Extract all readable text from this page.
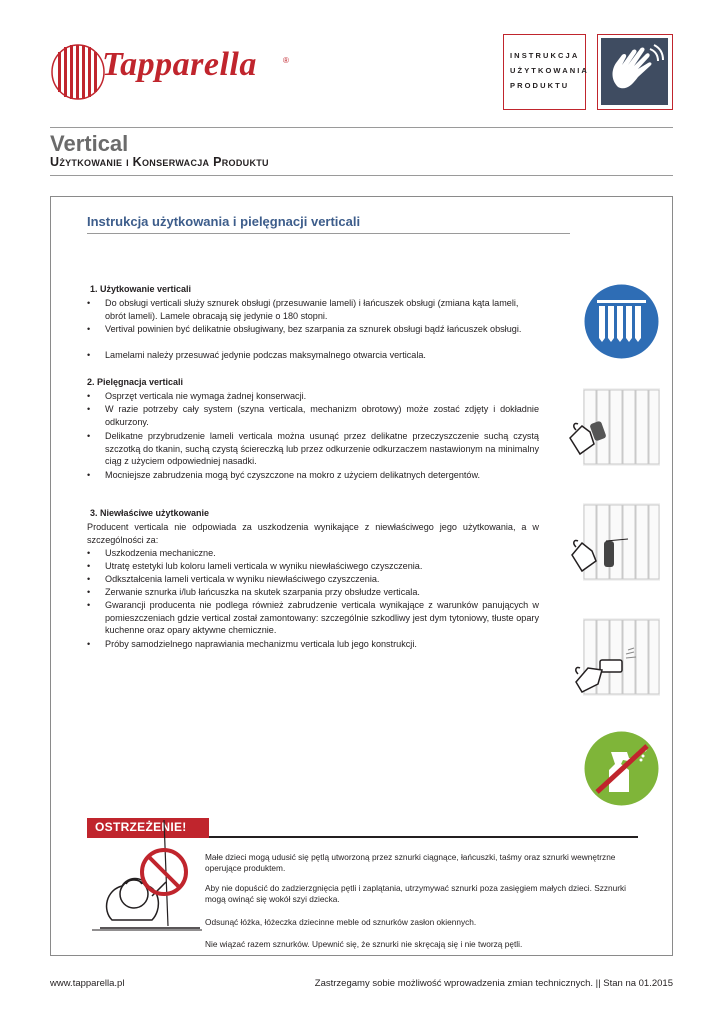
Tapparella	®
INSTRUKCJA
UŻYTKOWANIA
PRODUKTU
Vertical
Użytkowanie i Konserwacja Produktu
Instrukcja użytkowania i pielęgnacji verticali
1. Użytkowanie verticali
• Do obsługi verticali służy sznurek obsługi (przesuwanie lameli) i łańcuszek obsługi (zmiana kąta lameli, obrót lameli). Lamele obracają się jedynie o 180 stopni.
• Vertival powinien być delikatnie obsługiwany, bez szarpania za sznurek obsługi bądź łańcuszek obsługi.
• Lamelami należy przesuwać jedynie podczas maksymalnego otwarcia verticala.
2. Pielęgnacja verticali
• Osprzęt verticala nie wymaga żadnej konserwacji.
• W razie potrzeby cały system (szyna verticala, mechanizm obrotowy) może zostać zdjęty i dokładnie odkurzony.
• Delikatne przybrudzenie lameli verticala można usunąć przez delikatne przeczyszczenie suchą czystą szczotką do tkanin, suchą czystą ściereczką lub przez odkurzenie odkurzaczem nastawionym na minimalny ciąg z użyciem odpowiedniej nasadki.
• Mocniejsze zabrudzenia mogą być czyszczone na mokro z użyciem delikatnych detergentów.
3. Niewłaściwe użytkowanie
Producent verticala nie odpowiada za uszkodzenia wynikające z niewłaściwego jego użytkowania, a w szczególności za:
• Uszkodzenia mechaniczne.
• Utratę estetyki lub koloru lameli verticala w wyniku niewłaściwego czyszczenia.
• Odkształcenia lameli verticala w wyniku niewłaściwego czyszczenia.
• Zerwanie sznurka i/lub łańcuszka na skutek szarpania przy obsłudze verticala.
• Gwarancji producenta nie podlega również zabrudzenie verticala wynikające z warunków panujących w pomieszczeniach gdzie vertical został zamontowany: szczególnie szkodliwy jest dym tytoniowy, tłuste opary kuchenne oraz opary aktywne chemicznie.
• Próby samodzielnego naprawiania mechanizmu verticala lub jego konstrukcji.
OSTRZEŻENIE!
Małe dzieci mogą udusić się pętlą utworzoną przez sznurki ciągnące, łańcuszki, taśmy oraz sznurki wewnętrzne operujące produktem.
Aby nie dopuścić do zadzierzgnięcia pętli i zaplątania, utrzymywać sznurki poza zasięgiem małych dzieci. Szznurki mogą owinąć się wokół szyi dziecka.
Odsunąć łóżka, łóżeczka dziecinne meble od sznurków zasłon okiennych.
Nie wiązać razem sznurków. Upewnić się, że sznurki nie skręcają się i nie tworzą pętli.
www.tapparella.pl	Zastrzegamy sobie możliwość wprowadzenia zmian technicznych. || Stan na 01.2015
